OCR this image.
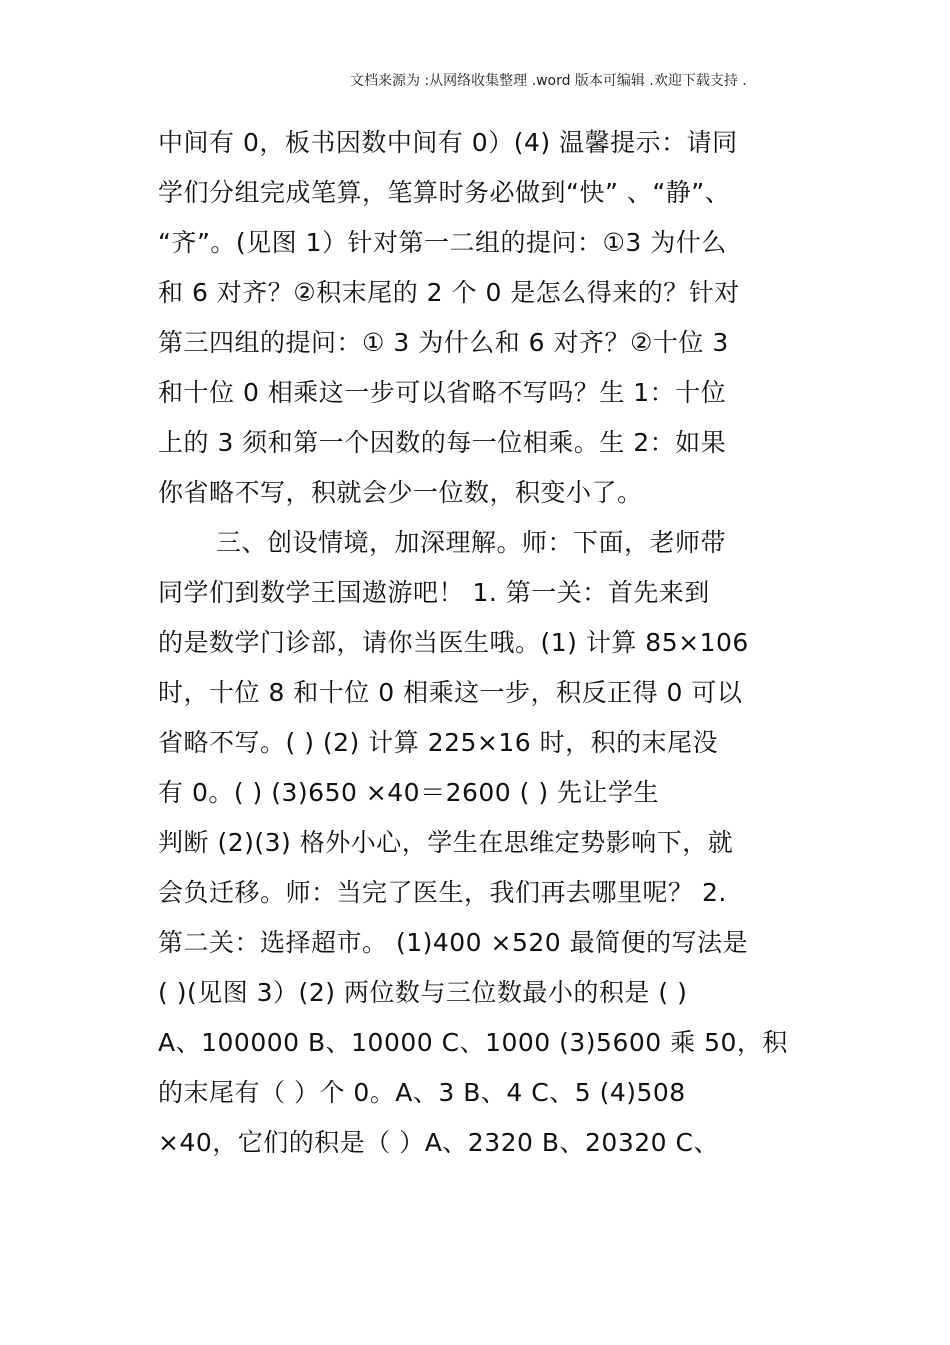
文档来源为 :从网络收集整理 .word 版本可编辑 .欢迎下载支持 .
中间有 0，板书因数中间有 0）(4) 温馨提示：请同
学们分组完成笔算，笔算时务必做到“快” 、“静”、
“齐”。(见图 1）针对第一二组的提问：①3 为什么
和 6 对齐？②积末尾的 2 个 0 是怎么得来的？针对
第三四组的提问：① 3 为什么和 6 对齐？②十位 3
和十位 0 相乘这一步可以省略不写吗？生 1：十位
上的 3 须和第一个因数的每一位相乘。生 2：如果
你省略不写，积就会少一位数，积变小了。
三、创设情境，加深理解。师：下面，老师带
同学们到数学王国遨游吧！ 1. 第一关：首先来到
的是数学门诊部，请你当医生哦。(1) 计算 85×106
时，十位 8 和十位 0 相乘这一步，积反正得 0 可以
省略不写。( ) (2) 计算 225×16 时，积的末尾没
有 0。( ) (3)650 ×40＝2600 ( ) 先让学生
判断 (2)(3) 格外小心，学生在思维定势影响下，就
会负迁移。师：当完了医生，我们再去哪里呢？ 2.
第二关：选择超市。 (1)400 ×520 最简便的写法是
( )(见图 3）(2) 两位数与三位数最小的积是 ( )
A、100000 B、10000 C、1000 (3)5600 乘 50，积
的末尾有（ ）个 0。A、3 B、4 C、5 (4)508
×40，它们的积是（ ）A、2320 B、20320 C、
